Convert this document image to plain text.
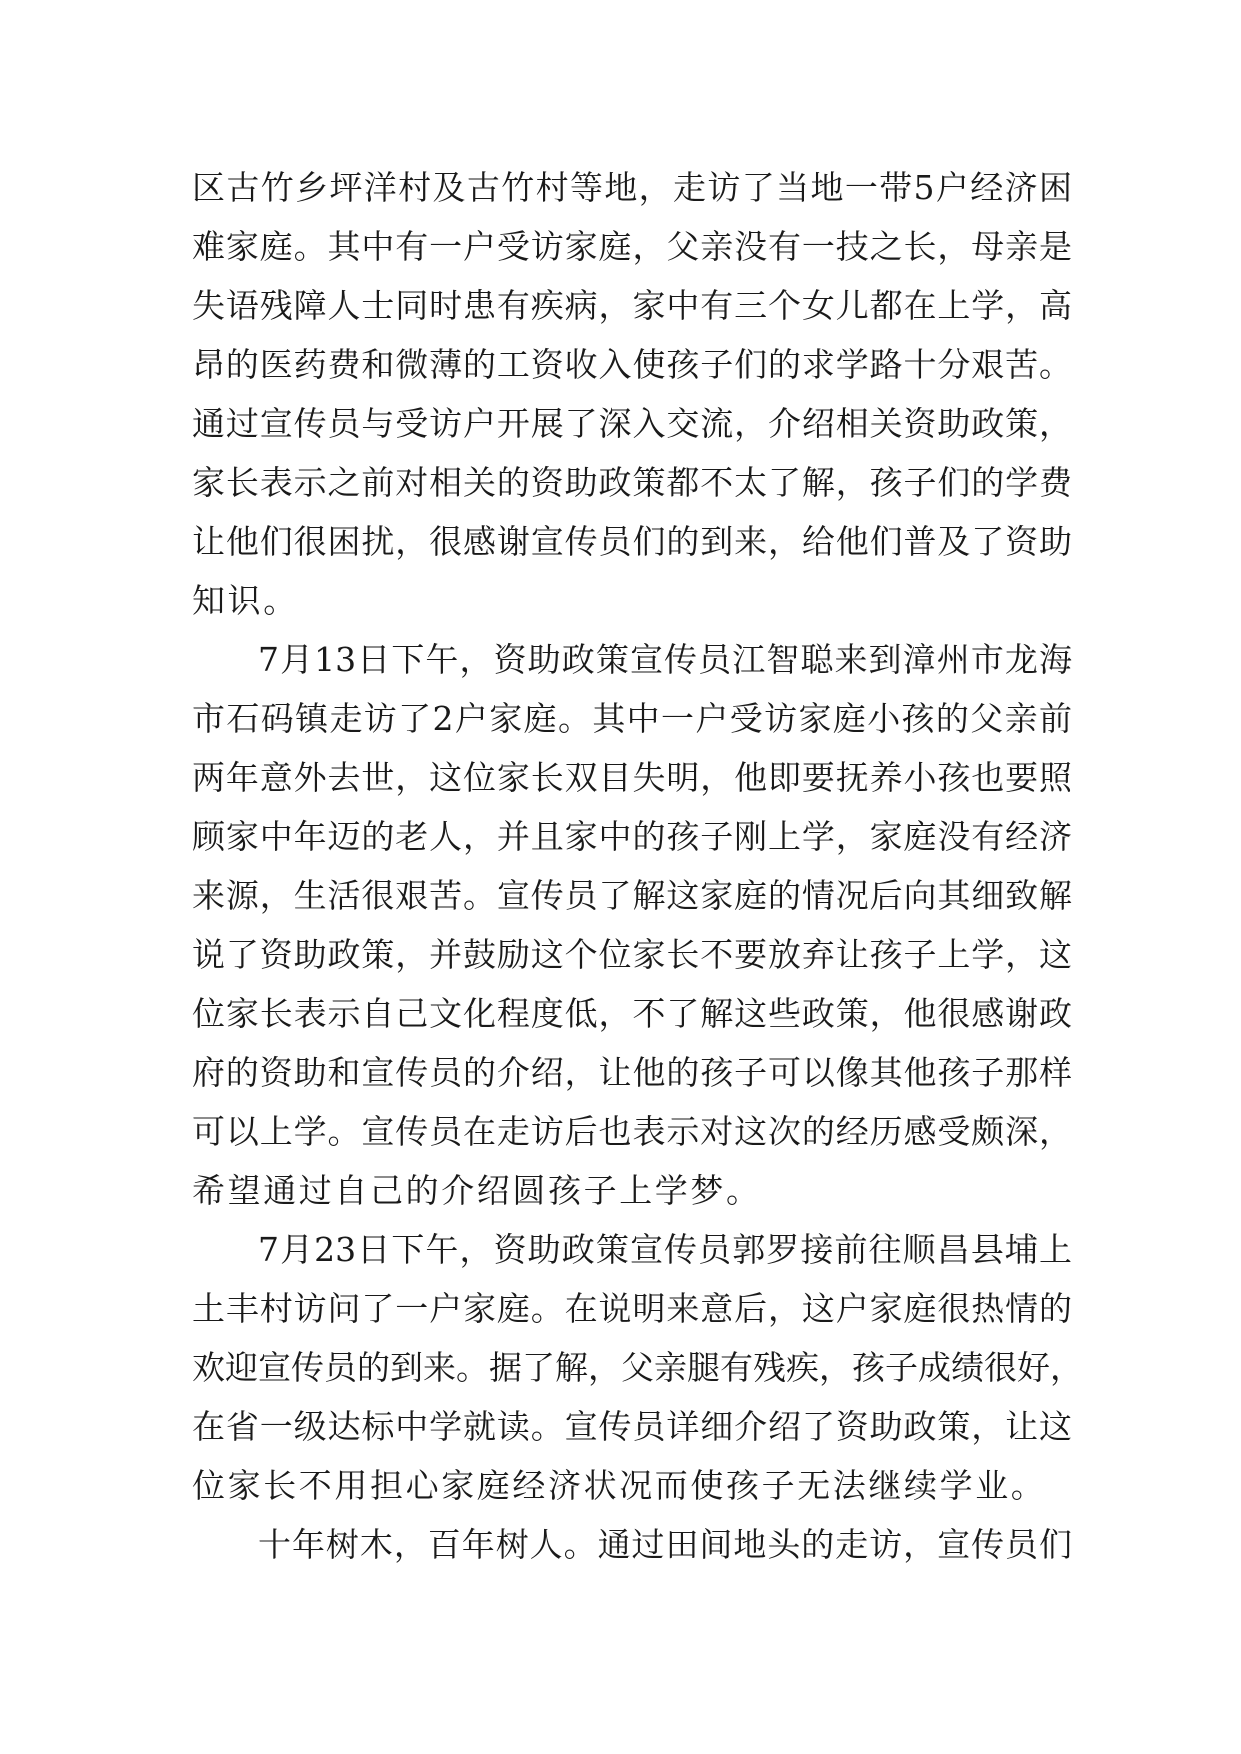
区古竹乡坪洋村及古竹村等地，走访了当地一带5户经济困
难家庭。其中有一户受访家庭，父亲没有一技之长，母亲是
失语残障人士同时患有疾病，家中有三个女儿都在上学，高
昂的医药费和微薄的工资收入使孩子们的求学路十分艰苦。
通过宣传员与受访户开展了深入交流，介绍相关资助政策，
家长表示之前对相关的资助政策都不太了解，孩子们的学费
让他们很困扰，很感谢宣传员们的到来，给他们普及了资助
知识。
7月13日下午，资助政策宣传员江智聪来到漳州市龙海
市石码镇走访了2户家庭。其中一户受访家庭小孩的父亲前
两年意外去世，这位家长双目失明，他即要抚养小孩也要照
顾家中年迈的老人，并且家中的孩子刚上学，家庭没有经济
来源，生活很艰苦。宣传员了解这家庭的情况后向其细致解
说了资助政策，并鼓励这个位家长不要放弃让孩子上学，这
位家长表示自己文化程度低，不了解这些政策，他很感谢政
府的资助和宣传员的介绍，让他的孩子可以像其他孩子那样
可以上学。宣传员在走访后也表示对这次的经历感受颇深，
希望通过自己的介绍圆孩子上学梦。
7月23日下午，资助政策宣传员郭罗接前往顺昌县埔上
土丰村访问了一户家庭。在说明来意后，这户家庭很热情的
欢迎宣传员的到来。据了解，父亲腿有残疾，孩子成绩很好，
在省一级达标中学就读。宣传员详细介绍了资助政策，让这
位家长不用担心家庭经济状况而使孩子无法继续学业。
十年树木，百年树人。通过田间地头的走访，宣传员们
